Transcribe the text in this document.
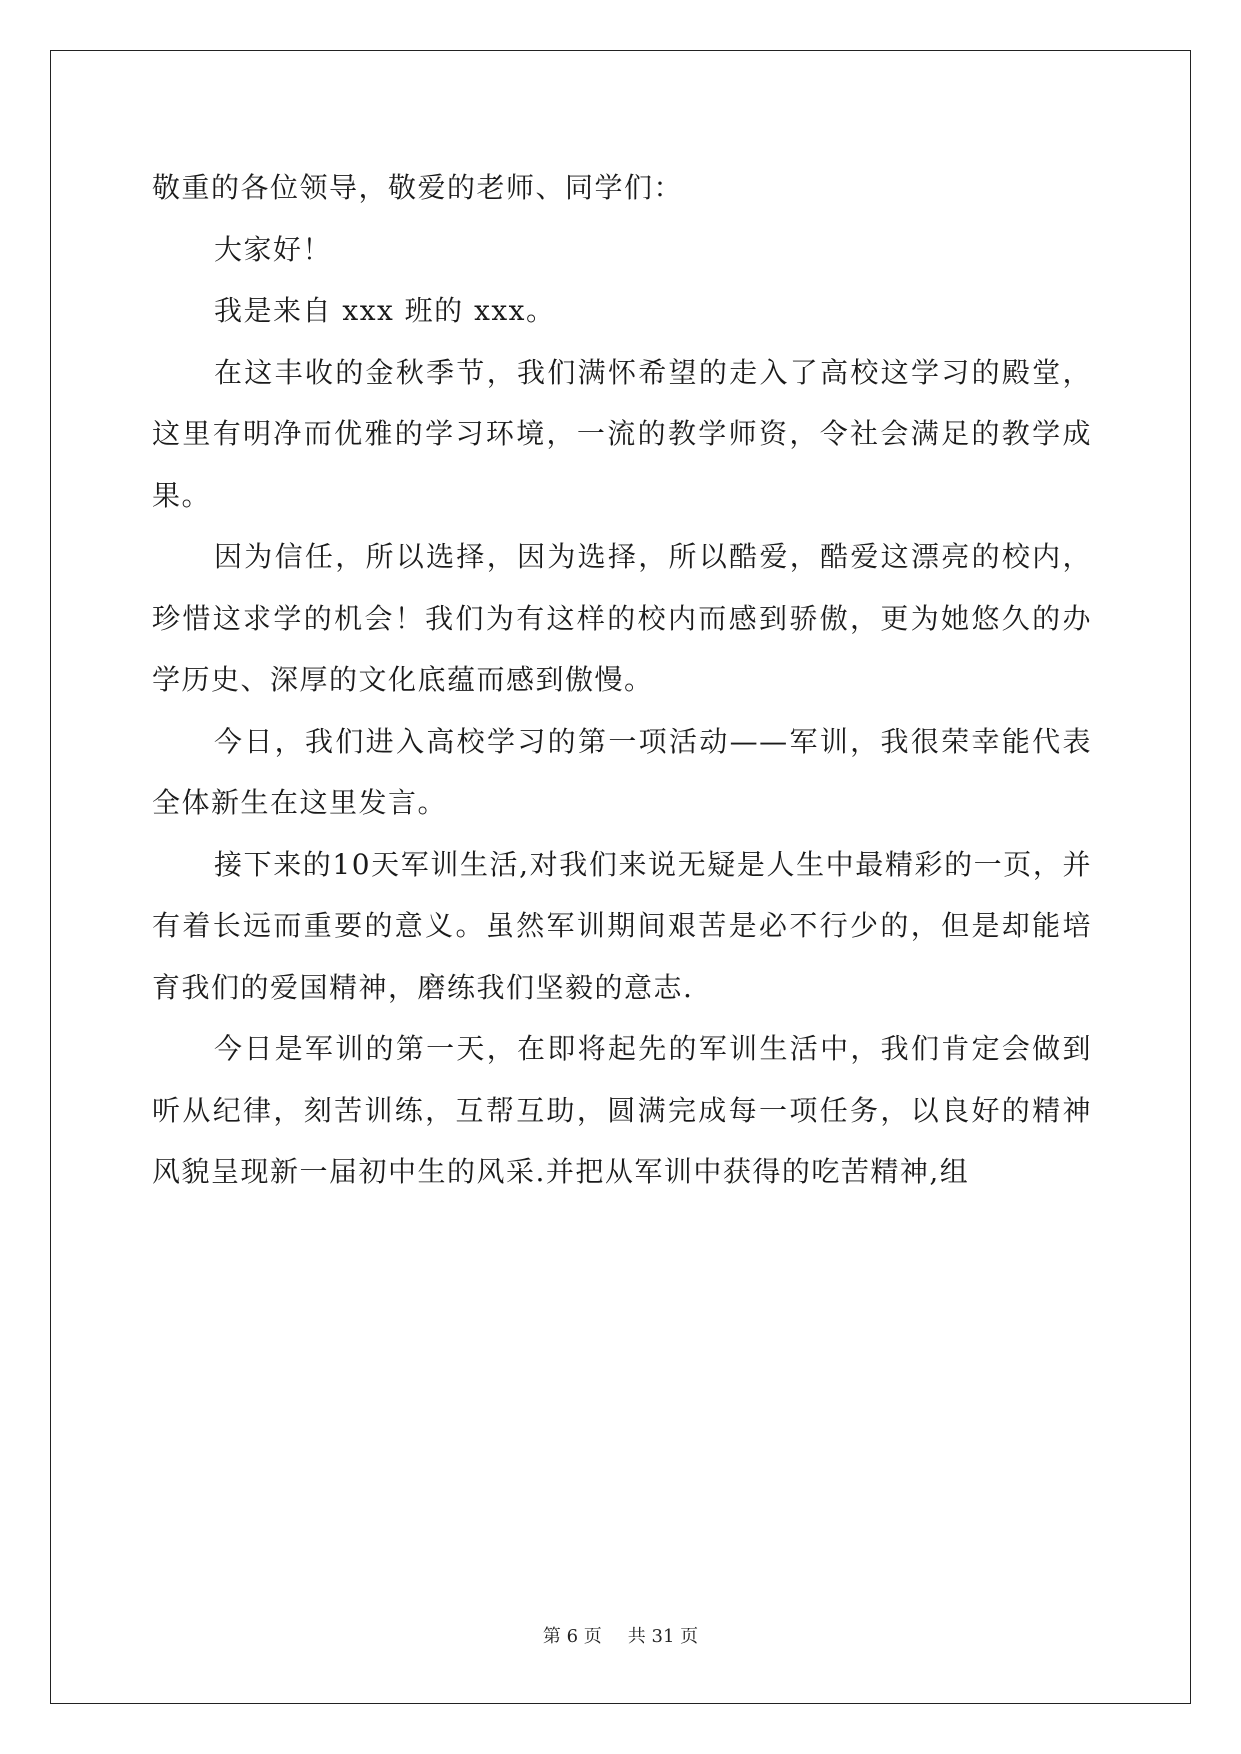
敬重的各位领导，敬爱的老师、同学们：

大家好！

我是来自 xxx 班的 xxx。

在这丰收的金秋季节，我们满怀希望的走入了高校这学习的殿堂，这里有明净而优雅的学习环境，一流的教学师资，令社会满足的教学成果。

因为信任，所以选择，因为选择，所以酷爱，酷爱这漂亮的校内，珍惜这求学的机会！我们为有这样的校内而感到骄傲，更为她悠久的办学历史、深厚的文化底蕴而感到傲慢。

今日，我们进入高校学习的第一项活动——军训，我很荣幸能代表全体新生在这里发言。

接下来的10天军训生活,对我们来说无疑是人生中最精彩的一页，并有着长远而重要的意义。虽然军训期间艰苦是必不行少的，但是却能培育我们的爱国精神，磨练我们坚毅的意志.

今日是军训的第一天，在即将起先的军训生活中，我们肯定会做到听从纪律，刻苦训练，互帮互助，圆满完成每一项任务，以良好的精神风貌呈现新一届初中生的风采.并把从军训中获得的吃苦精神,组

第 6 页 共 31 页
